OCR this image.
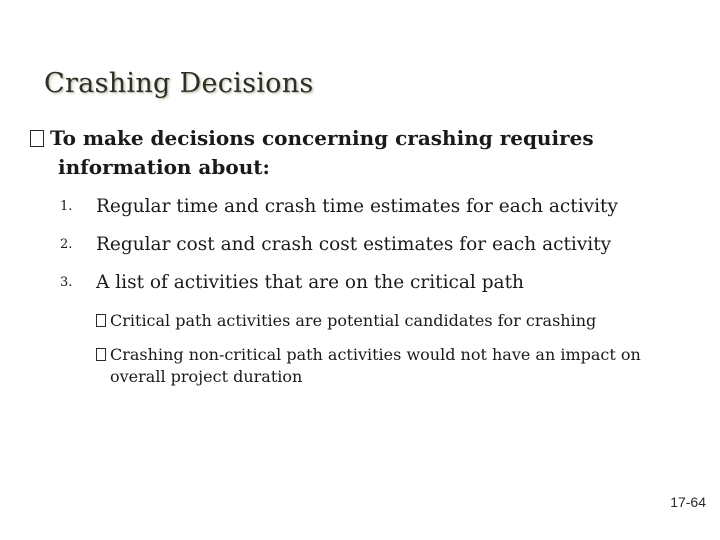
Crashing Decisions
To make decisions concerning crashing requires
information about:
1. Regular time and crash time estimates for each activity
2. Regular cost and crash cost estimates for each activity
3. A list of activities that are on the critical path
Critical path activities are potential candidates for crashing
Crashing non-critical path activities would not have an impact on
overall project duration
17-64
